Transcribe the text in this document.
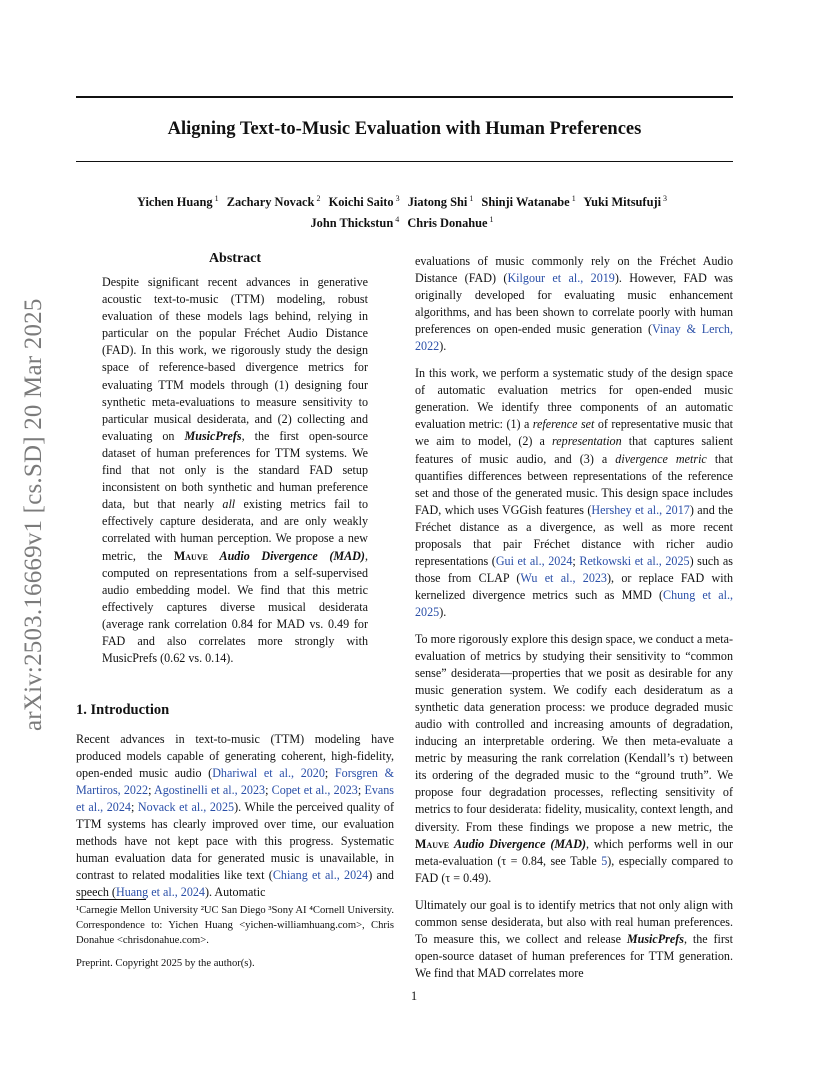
Aligning Text-to-Music Evaluation with Human Preferences
Yichen Huang $^1$ Zachary Novack $^2$ Koichi Saito $^3$ Jiatong Shi $^1$ Shinji Watanabe $^1$ Yuki Mitsufuji $^3$
John Thickstun $^4$ Chris Donahue $^1$
arXiv:2503.16669v1 [cs.SD] 20 Mar 2025
Abstract
Despite significant recent advances in generative acoustic text-to-music (TTM) modeling, robust evaluation of these models lags behind, relying in particular on the popular Fréchet Audio Distance (FAD). In this work, we rigorously study the design space of reference-based divergence metrics for evaluating TTM models through (1) designing four synthetic meta-evaluations to measure sensitivity to particular musical desiderata, and (2) collecting and evaluating on MusicPrefs, the first open-source dataset of human preferences for TTM systems. We find that not only is the standard FAD setup inconsistent on both synthetic and human preference data, but that nearly all existing metrics fail to effectively capture desiderata, and are only weakly correlated with human perception. We propose a new metric, the Mauve Audio Divergence (MAD), computed on representations from a self-supervised audio embedding model. We find that this metric effectively captures diverse musical desiderata (average rank correlation 0.84 for MAD vs. 0.49 for FAD and also correlates more strongly with MusicPrefs (0.62 vs. 0.14).
1. Introduction
Recent advances in text-to-music (TTM) modeling have produced models capable of generating coherent, high-fidelity, open-ended music audio (Dhariwal et al., 2020; Forsgren & Martiros, 2022; Agostinelli et al., 2023; Copet et al., 2023; Evans et al., 2024; Novack et al., 2025). While the perceived quality of TTM systems has clearly improved over time, our evaluation methods have not kept pace with this progress. Systematic human evaluation data for generated music is unavailable, in contrast to related modalities like text (Chiang et al., 2024) and speech (Huang et al., 2024). Automatic
¹Carnegie Mellon University ²UC San Diego ³Sony AI ⁴Cornell University. Correspondence to: Yichen Huang <yichen-williamhuang.com>, Chris Donahue <chrisdonahue.com>.
Preprint. Copyright 2025 by the author(s).

evaluations of music commonly rely on the Fréchet Audio Distance (FAD) (Kilgour et al., 2019). However, FAD was originally developed for evaluating music enhancement algorithms, and has been shown to correlate poorly with human preferences on open-ended music generation (Vinay & Lerch, 2022).

In this work, we perform a systematic study of the design space of automatic evaluation metrics for open-ended music generation. We identify three components of an automatic evaluation metric: (1) a reference set of representative music that we aim to model, (2) a representation that captures salient features of music audio, and (3) a divergence metric that quantifies differences between representations of the reference set and those of the generated music. This design space includes FAD, which uses VGGish features (Hershey et al., 2017) and the Fréchet distance as a divergence, as well as more recent proposals that pair Fréchet distance with richer audio representations (Gui et al., 2024; Retkowski et al., 2025) such as those from CLAP (Wu et al., 2023), or replace FAD with kernelized divergence metrics such as MMD (Chung et al., 2025).

To more rigorously explore this design space, we conduct a meta-evaluation of metrics by studying their sensitivity to “common sense” desiderata—properties that we posit as desirable for any music generation system. We codify each desideratum as a synthetic data generation process: we produce degraded music audio with controlled and increasing amounts of degradation, inducing an interpretable ordering. We then meta-evaluate a metric by measuring the rank correlation (Kendall’s τ) between its ordering of the degraded music to the “ground truth”. We propose four degradation processes, reflecting sensitivity of metrics to four desiderata: fidelity, musicality, context length, and diversity. From these findings we propose a new metric, the Mauve Audio Divergence (MAD), which performs well in our meta-evaluation (τ = 0.84, see Table 5), especially compared to FAD (τ = 0.49).

Ultimately our goal is to identify metrics that not only align with common sense desiderata, but also with real human preferences. To measure this, we collect and release MusicPrefs, the first open-source dataset of human preferences for TTM generation. We find that MAD correlates more

1
